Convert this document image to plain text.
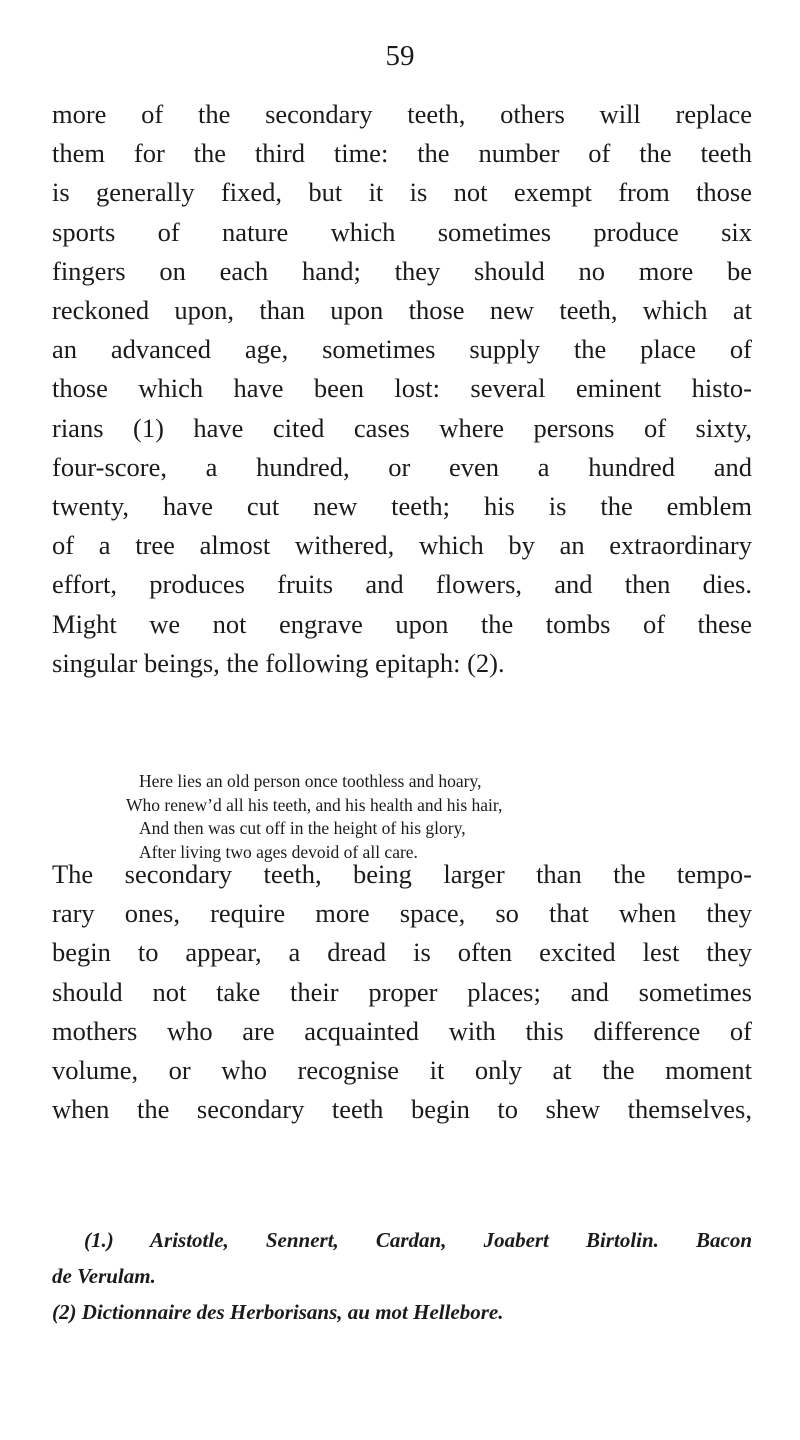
59
more of the secondary teeth, others will replace
them for the third time: the number of the teeth
is generally fixed, but it is not exempt from those
sports of nature which sometimes produce six
fingers on each hand; they should no more be
reckoned upon, than upon those new teeth, which at
an advanced age, sometimes supply the place of
those which have been lost: several eminent histo-
rians (1) have cited cases where persons of sixty,
four-score, a hundred, or even a hundred and
twenty, have cut new teeth; his is the emblem
of a tree almost withered, which by an extraordinary
effort, produces fruits and flowers, and then dies.
Might we not engrave upon the tombs of these
singular beings, the following epitaph: (2).
Here lies an old person once toothless and hoary,
Who renew’d all his teeth, and his health and his hair,
And then was cut off in the height of his glory,
After living two ages devoid of all care.
The secondary teeth, being larger than the tempo-
rary ones, require more space, so that when they
begin to appear, a dread is often excited lest they
should not take their proper places; and sometimes
mothers who are acquainted with this difference of
volume, or who recognise it only at the moment
when the secondary teeth begin to shew themselves,
(1.) Aristotle, Sennert, Cardan, Joabert Birtolin. Bacon
de Verulam.
(2) Dictionnaire des Herborisans, au mot Hellebore.
